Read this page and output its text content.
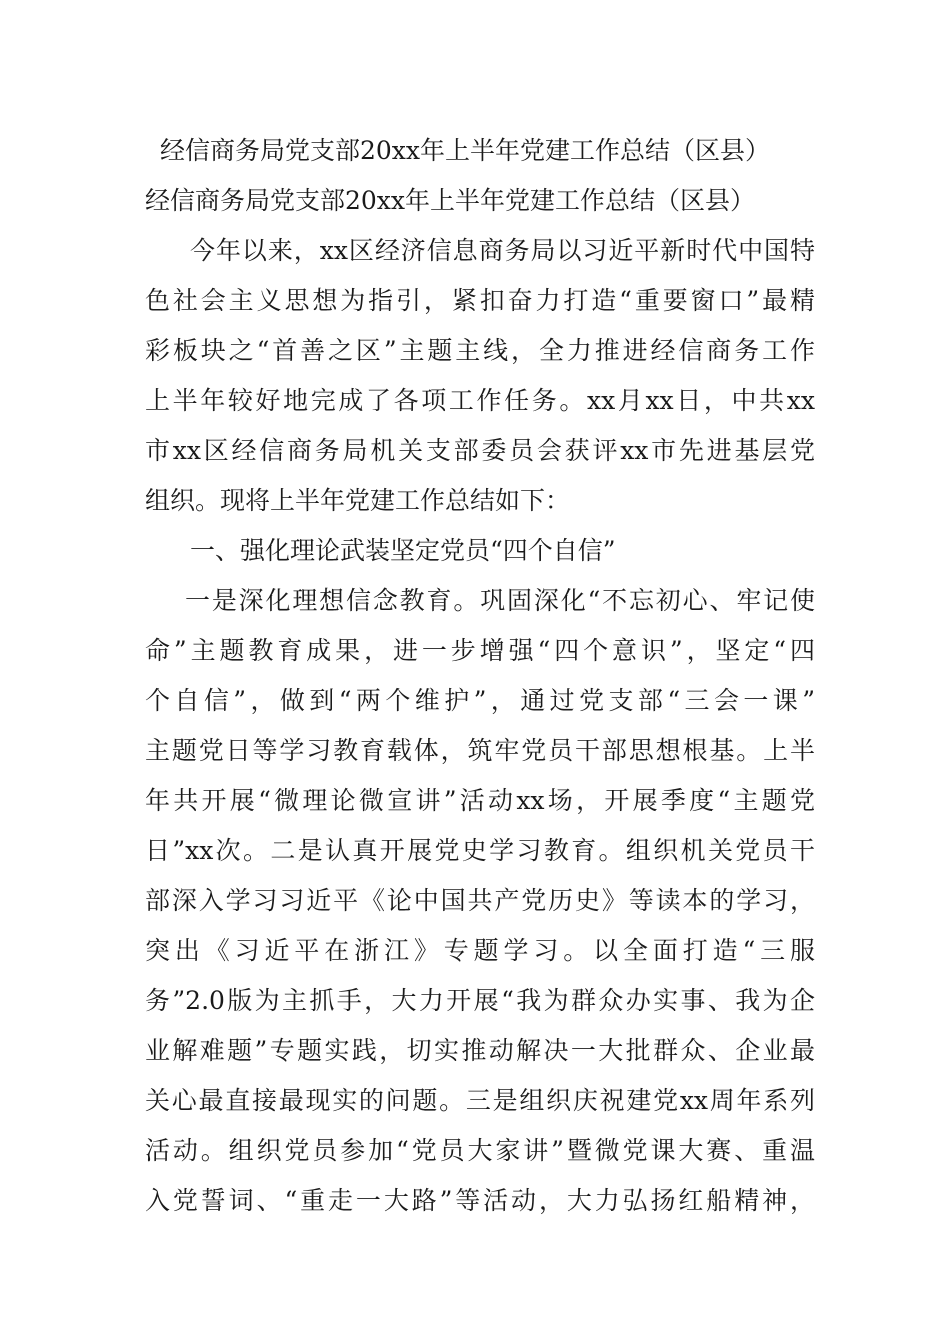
经信商务局党支部20xx年上半年党建工作总结（区县）
经信商务局党支部20xx年上半年党建工作总结（区县）
今年以来，xx区经济信息商务局以习近平新时代中国特
色社会主义思想为指引，紧扣奋力打造“重要窗口”最精
彩板块之“首善之区”主题主线，全力推进经信商务工作
上半年较好地完成了各项工作任务。xx月xx日，中共xx
市xx区经信商务局机关支部委员会获评xx市先进基层党
组织。现将上半年党建工作总结如下：
一、强化理论武装坚定党员“四个自信”
一是深化理想信念教育。巩固深化“不忘初心、牢记使
命”主题教育成果，进一步增强“四个意识”，坚定“四
个自信”，做到“两个维护”，通过党支部“三会一课”
主题党日等学习教育载体，筑牢党员干部思想根基。上半
年共开展“微理论微宣讲”活动xx场，开展季度“主题党
日”xx次。二是认真开展党史学习教育。组织机关党员干
部深入学习习近平《论中国共产党历史》等读本的学习，
突出《习近平在浙江》专题学习。以全面打造“三服
务”2.0版为主抓手，大力开展“我为群众办实事、我为企
业解难题”专题实践，切实推动解决一大批群众、企业最
关心最直接最现实的问题。三是组织庆祝建党xx周年系列
活动。组织党员参加“党员大家讲”暨微党课大赛、重温
入党誓词、“重走一大路”等活动，大力弘扬红船精神，
